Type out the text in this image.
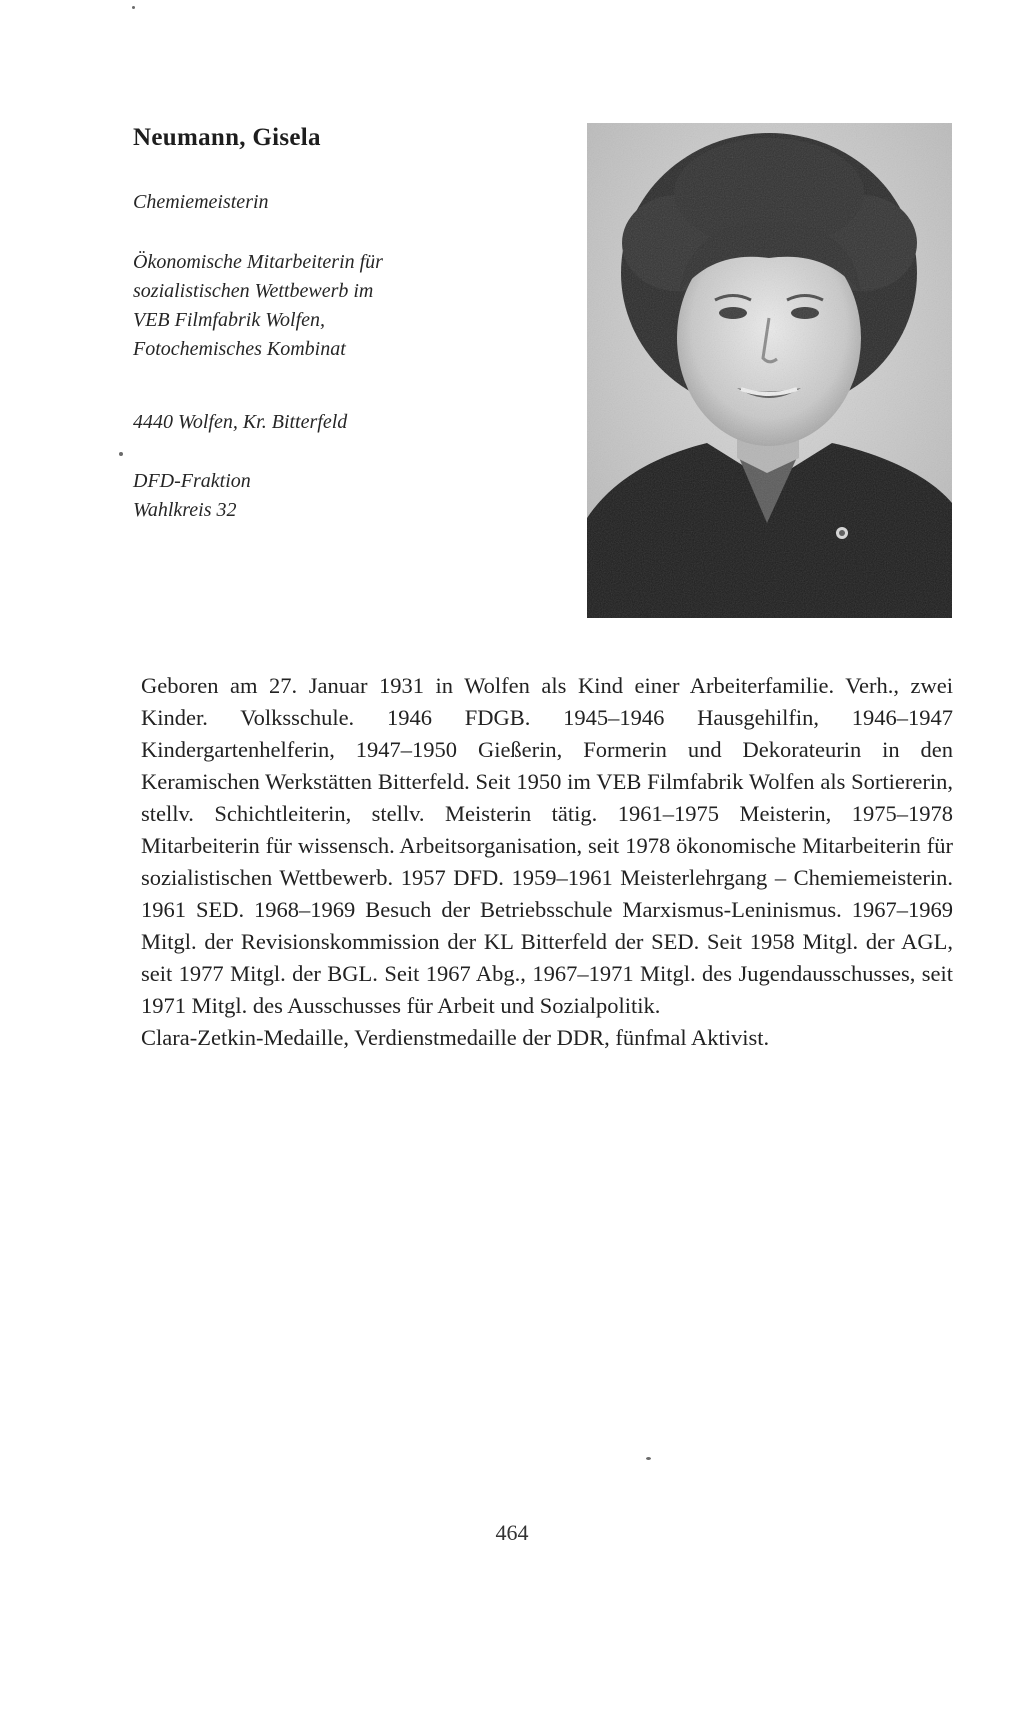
Neumann, Gisela
Chemiemeisterin
Ökonomische Mitarbeiterin für
sozialistischen Wettbewerb im
VEB Filmfabrik Wolfen,
Fotochemisches Kombinat
4440 Wolfen, Kr. Bitterfeld
DFD-Fraktion
Wahlkreis 32

Geboren am 27. Januar 1931 in Wolfen als Kind einer Arbeiterfamilie. Verh., zwei Kinder. Volksschule. 1946 FDGB. 1945–1946 Hausgehilfin, 1946–1947 Kindergartenhelferin, 1947–1950 Gießerin, Formerin und Dekorateurin in den Keramischen Werkstätten Bitterfeld. Seit 1950 im VEB Filmfabrik Wolfen als Sortiererin, stellv. Schichtleiterin, stellv. Meisterin tätig. 1961–1975 Meisterin, 1975–1978 Mitarbeiterin für wissensch. Arbeitsorganisation, seit 1978 ökonomische Mitarbeiterin für sozialistischen Wettbewerb. 1957 DFD. 1959–1961 Meisterlehrgang – Chemiemeisterin. 1961 SED. 1968–1969 Besuch der Betriebsschule Marxismus-Leninismus. 1967–1969 Mitgl. der Revisionskommission der KL Bitterfeld der SED. Seit 1958 Mitgl. der AGL, seit 1977 Mitgl. der BGL. Seit 1967 Abg., 1967–1971 Mitgl. des Jugendausschusses, seit 1971 Mitgl. des Ausschusses für Arbeit und Sozialpolitik.

Clara-Zetkin-Medaille, Verdienstmedaille der DDR, fünfmal Aktivist.

464
